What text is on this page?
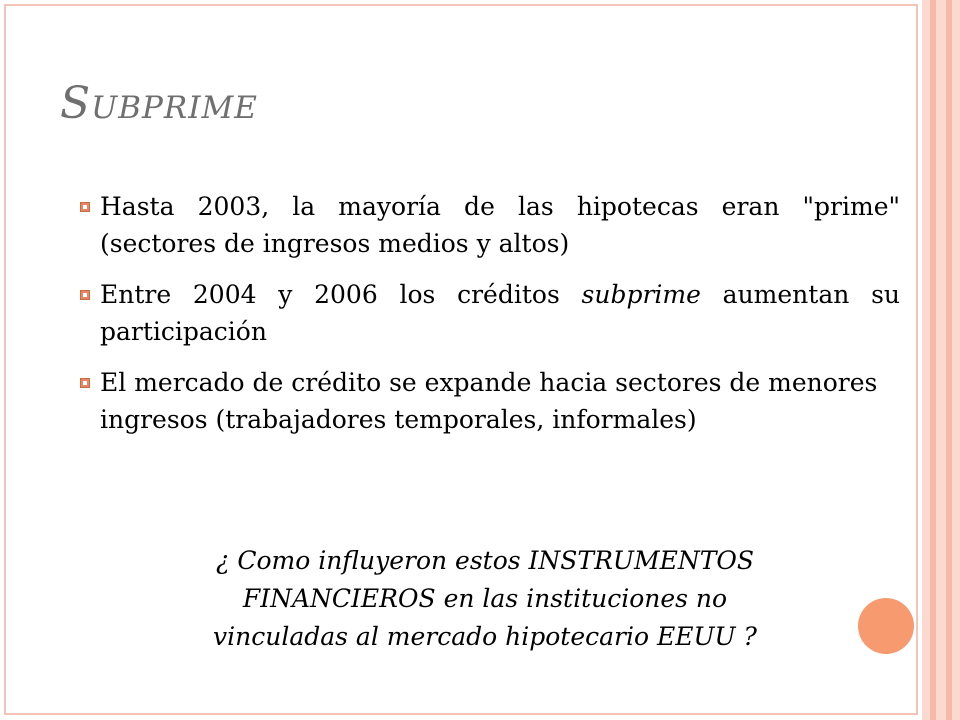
Subprime
Hasta 2003, la mayoría de las hipotecas eran "prime" (sectores de ingresos medios y altos)
Entre 2004 y 2006 los créditos subprime aumentan su participación
El mercado de crédito se expande hacia sectores de menores ingresos (trabajadores temporales, informales)
¿ Como influyeron estos INSTRUMENTOS
FINANCIEROS en las instituciones no
vinculadas al mercado hipotecario EEUU ?
